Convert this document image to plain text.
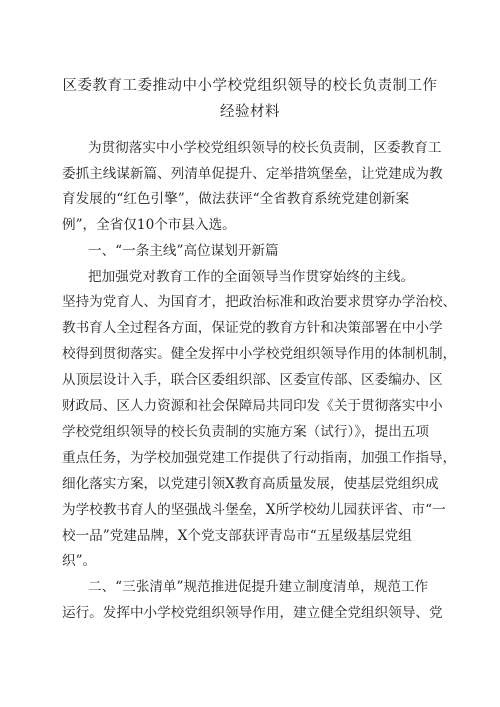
区委教育工委推动中小学校党组织领导的校长负责制工作
经验材料
为贯彻落实中小学校党组织领导的校长负责制，区委教育工
委抓主线谋新篇、列清单促提升、定举措筑堡垒，让党建成为教
育发展的“红色引擎”，做法获评“全省教育系统党建创新案
例”，全省仅10个市县入选。
一、“一条主线”高位谋划开新篇
把加强党对教育工作的全面领导当作贯穿始终的主线。
坚持为党育人、为国育才，把政治标准和政治要求贯穿办学治校、
教书育人全过程各方面，保证党的教育方针和决策部署在中小学
校得到贯彻落实。健全发挥中小学校党组织领导作用的体制机制，
从顶层设计入手，联合区委组织部、区委宣传部、区委编办、区
财政局、区人力资源和社会保障局共同印发《关于贯彻落实中小
学校党组织领导的校长负责制的实施方案（试行）》，提出五项
重点任务，为学校加强党建工作提供了行动指南，加强工作指导，
细化落实方案，以党建引领X教育高质量发展，使基层党组织成
为学校教书育人的坚强战斗堡垒，X所学校幼儿园获评省、市“一
校一品”党建品牌，X个党支部获评青岛市“五星级基层党组
织”。
二、“三张清单”规范推进促提升建立制度清单，规范工作
运行。发挥中小学校党组织领导作用，建立健全党组织领导、党
